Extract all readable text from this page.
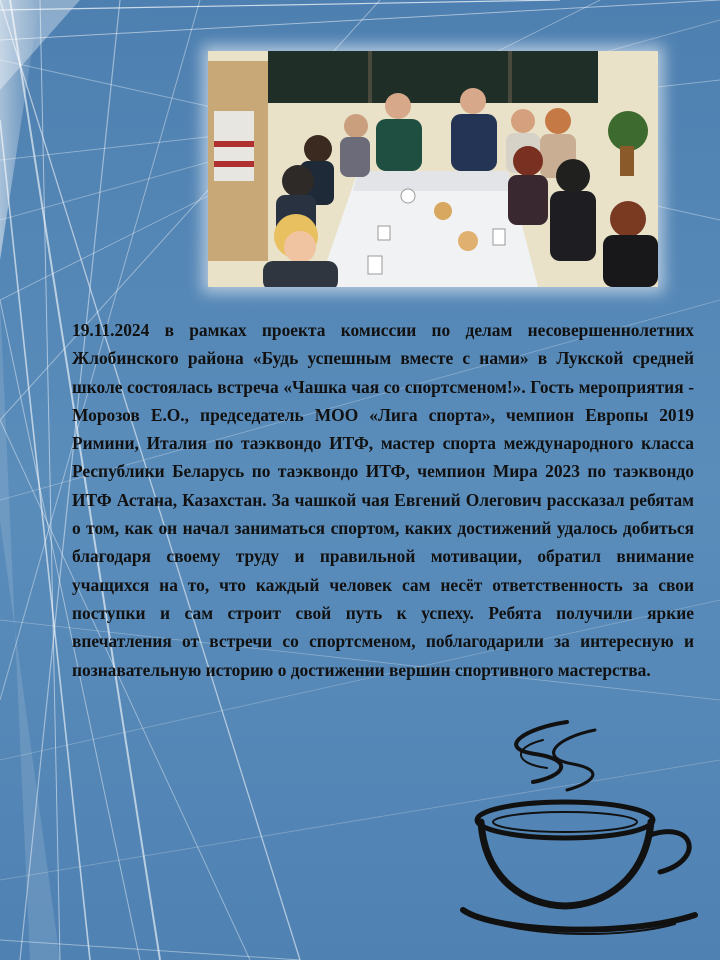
19.11.2024 в рамках проекта комиссии по делам несовершеннолетних Жлобинского района «Будь успешным вместе с нами» в Лукской средней школе состоялась встреча «Чашка чая со спортсменом!». Гость мероприятия - Морозов Е.О., председатель МОО «Лига спорта», чемпион Европы 2019 Римини, Италия по таэквондо ИТФ, мастер спорта международного класса Республики Беларусь по таэквондо ИТФ, чемпион Мира 2023 по таэквондо ИТФ Астана, Казахстан. За чашкой чая Евгений Олегович рассказал ребятам о том, как он начал заниматься спортом, каких достижений удалось добиться благодаря своему труду и правильной мотивации, обратил внимание учащихся на то, что каждый человек сам несёт ответственность за свои поступки и сам строит свой путь к успеху. Ребята получили яркие впечатления от встречи со спортсменом, поблагодарили за интересную и познавательную историю о достижении вершин спортивного мастерства.
